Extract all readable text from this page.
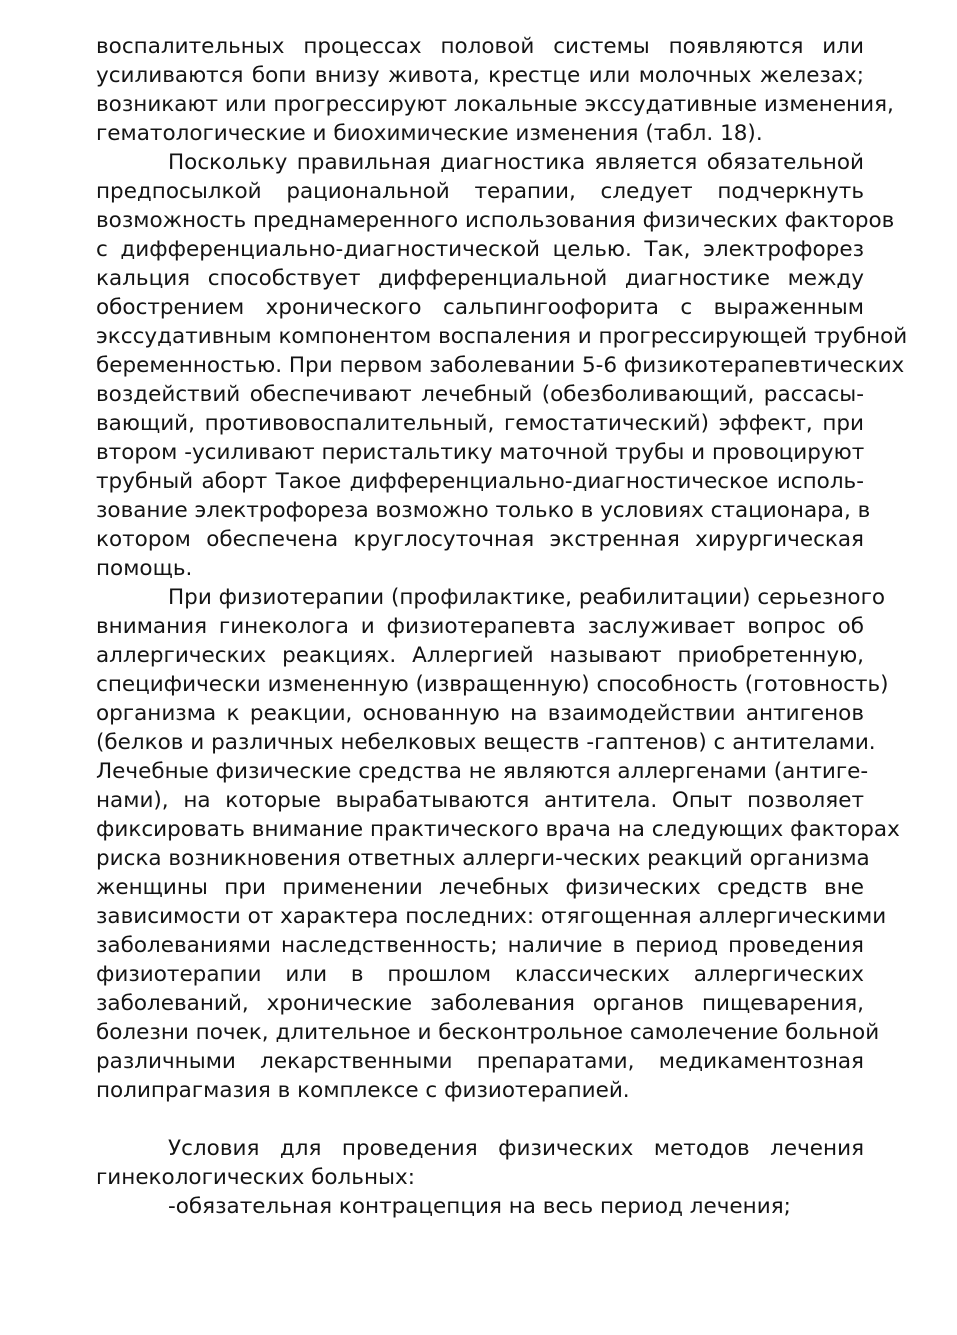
воспалительных процессах половой системы появляются или
усиливаются бопи внизу живота, крестце или молочных железах;
возникают или прогрессируют локальные экссудативные изменения,
гематологические и биохимические изменения (табл. 18).
Поскольку правильная диагностика является обязательной
предпосылкой рациональной терапии, следует подчеркнуть
возможность преднамеренного использования физических факторов
с дифференциально-диагностической целью. Так, электрофорез
кальция способствует дифференциальной диагностике между
обострением хронического сальпингоофорита с выраженным
экссудативным компонентом воспаления и прогрессирующей трубной
беременностью. При первом заболевании 5-6 физикотерапевтических
воздействий обеспечивают лечебный (обезболивающий, рассасы-
вающий, противовоспалительный, гемостатический) эффект, при
втором -усиливают перистальтику маточной трубы и провоцируют
трубный аборт Такое дифференциально-диагностическое исполь-
зование электрофореза возможно только в условиях стационара, в
котором обеспечена круглосуточная экстренная хирургическая
помощь.
При физиотерапии (профилактике, реабилитации) серьезного
внимания гинеколога и физиотерапевта заслуживает вопрос об
аллергических реакциях. Аллергией называют приобретенную,
специфически измененную (извращенную) способность (готовность)
организма к реакции, основанную на взаимодействии антигенов
(белков и различных небелковых веществ -гаптенов) с антителами.
Лечебные физические средства не являются аллергенами (антиге-
нами), на которые вырабатываются антитела. Опыт позволяет
фиксировать внимание практического врача на следующих факторах
риска возникновения ответных аллерги-ческих реакций организма
женщины при применении лечебных физических средств вне
зависимости от характера последних: отягощенная аллергическими
заболеваниями наследственность; наличие в период проведения
физиотерапии или в прошлом классических аллергических
заболеваний, хронические заболевания органов пищеварения,
болезни почек, длительное и бесконтрольное самолечение больной
различными лекарственными препаратами, медикаментозная
полипрагмазия в комплексе с физиотерапией.
Условия для проведения физических методов лечения
гинекологических больных:
-обязательная контрацепция на весь период лечения;
